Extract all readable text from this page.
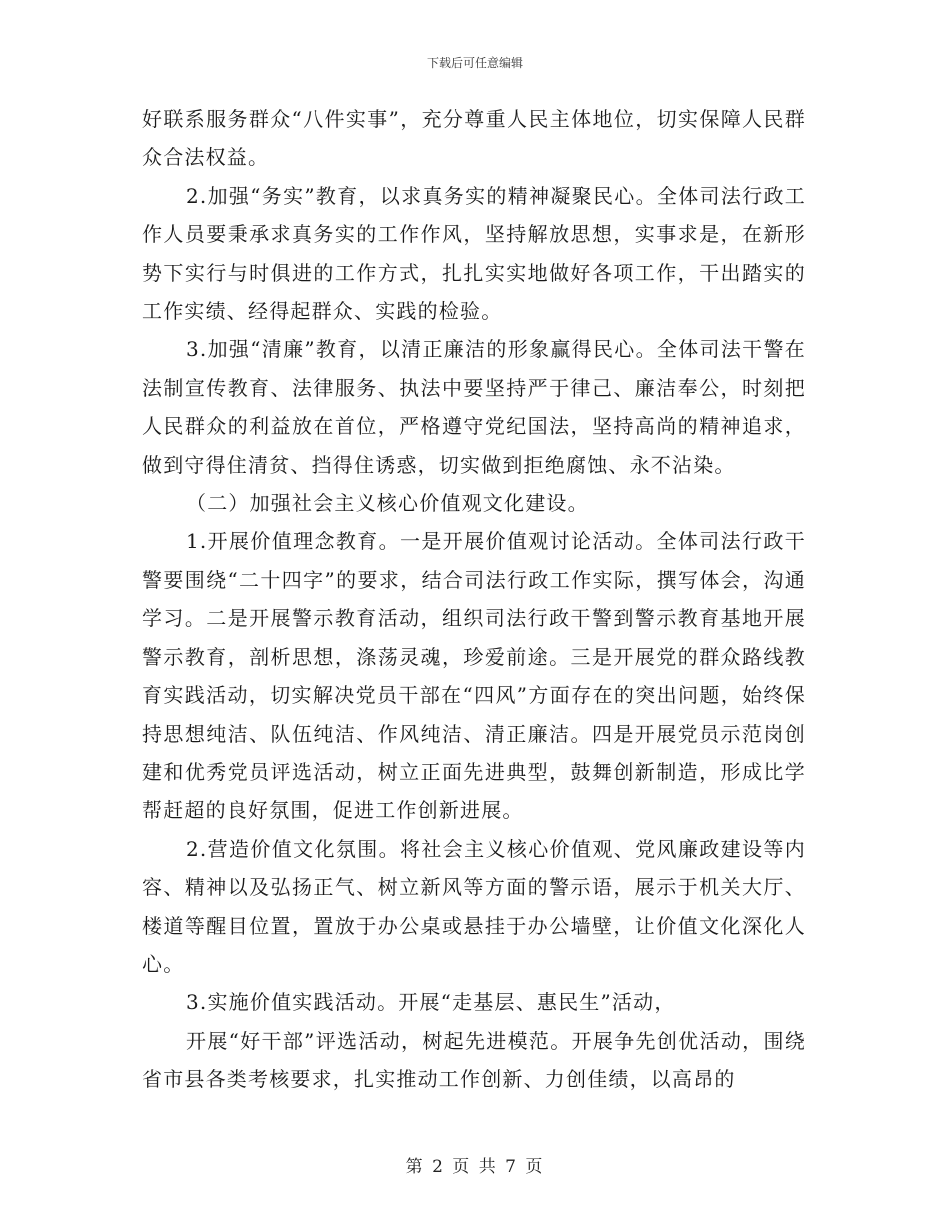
下载后可任意编辑

好联系服务群众“八件实事”，充分尊重人民主体地位，切实保障人民群众合法权益。

2.加强“务实”教育，以求真务实的精神凝聚民心。全体司法行政工作人员要秉承求真务实的工作作风，坚持解放思想，实事求是，在新形势下实行与时俱进的工作方式，扎扎实实地做好各项工作，干出踏实的工作实绩、经得起群众、实践的检验。

3.加强“清廉”教育，以清正廉洁的形象赢得民心。全体司法干警在法制宣传教育、法律服务、执法中要坚持严于律己、廉洁奉公，时刻把人民群众的利益放在首位，严格遵守党纪国法，坚持高尚的精神追求，做到守得住清贫、挡得住诱惑，切实做到拒绝腐蚀、永不沾染。

（二）加强社会主义核心价值观文化建设。

1.开展价值理念教育。一是开展价值观讨论活动。全体司法行政干警要围绕“二十四字”的要求，结合司法行政工作实际，撰写体会，沟通学习。二是开展警示教育活动，组织司法行政干警到警示教育基地开展警示教育，剖析思想，涤荡灵魂，珍爱前途。三是开展党的群众路线教育实践活动，切实解决党员干部在“四风”方面存在的突出问题，始终保持思想纯洁、队伍纯洁、作风纯洁、清正廉洁。四是开展党员示范岗创建和优秀党员评选活动，树立正面先进典型，鼓舞创新制造，形成比学帮赶超的良好氛围，促进工作创新进展。

2.营造价值文化氛围。将社会主义核心价值观、党风廉政建设等内容、精神以及弘扬正气、树立新风等方面的警示语，展示于机关大厅、楼道等醒目位置，置放于办公桌或悬挂于办公墙壁，让价值文化深化人心。

3.实施价值实践活动。开展“走基层、惠民生”活动，

开展“好干部”评选活动，树起先进模范。开展争先创优活动，围绕省市县各类考核要求，扎实推动工作创新、力创佳绩，以高昂的

第 2 页 共 7 页
